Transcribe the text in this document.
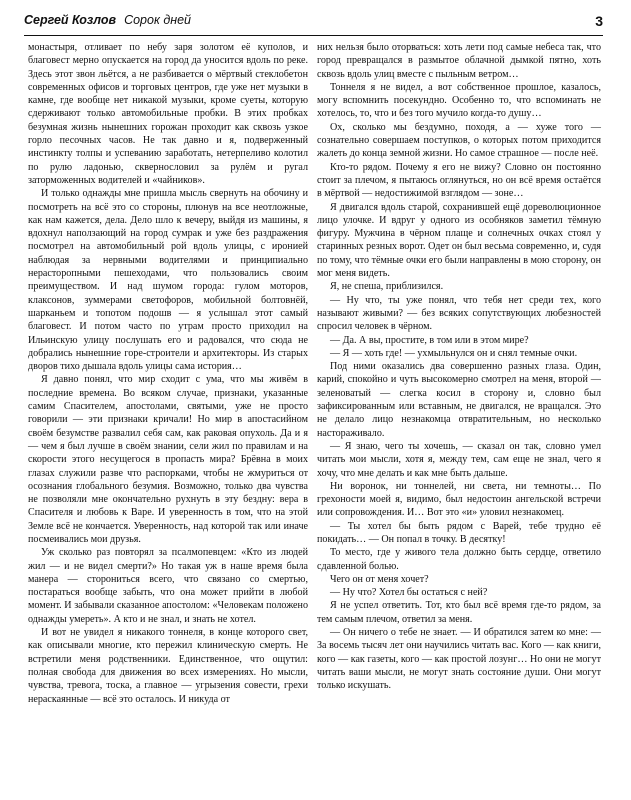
Сергей Козлов Сорок дней	3

монастыря, отливает по небу заря золотом её куполов, и благовест мерно опускается на город да уносится вдоль по реке. Здесь этот звон льётся, а не разбивается о мёртвый стеклобетон современных офисов и торговых центров, где уже нет музыки в камне, где вообще нет никакой музыки, кроме суеты, которую сдерживают только автомобильные пробки. В этих пробках безумная жизнь нынешних горожан проходит как сквозь узкое горло песочных часов. Не так давно и я, подверженный инстинкту толпы и успеванию заработать, нетерпеливо колотил по рулю ладонью, сквернословил за рулём и ругал заторможенных водителей и «чайников».

И только однажды мне пришла мысль свернуть на обочину и посмотреть на всё это со стороны, плюнув на все неотложные, как нам кажется, дела. Дело шло к вечеру, выйдя из машины, я вдохнул наползающий на город сумрак и уже без раздражения посмотрел на автомобильный рой вдоль улицы, с иронией наблюдая за нервными водителями и принципиально нерасторопными пешеходами, что пользовались своим преимуществом. И над шумом города: гулом моторов, клаксонов, зуммерами светофоров, мобильной болтовнёй, шарканьем и топотом подошв — я услышал этот самый благовест. И потом часто по утрам просто приходил на Ильинскую улицу послушать его и радовался, что сюда не добрались нынешние горе-строители и архитекторы. Из старых дворов тихо дышала вдоль улицы сама история…

Я давно понял, что мир сходит с ума, что мы живём в последние времена. Во всяком случае, признаки, указанные самим Спасителем, апостолами, святыми, уже не просто говорили — эти признаки кричали! Но мир в апостасийном своём безумстве развалил себя сам, как раковая опухоль. Да и я — чем я был лучше в своём знании, сели жил по правилам и на скорости этого несущегося в пропасть мира? Брёвна в моих глазах служили разве что распорками, чтобы не жмуриться от осознания глобального безумия. Возможно, только два чувства не позволяли мне окончательно рухнуть в эту бездну: вера в Спасителя и любовь к Варе. И уверенность в том, что на этой Земле всё не кончается. Уверенность, над которой так или иначе посмеивались мои друзья.

Уж сколько раз повторял за псалмопевцем: «Кто из людей жил — и не видел смерти?» Но такая уж в наше время была манера — сторониться всего, что связано со смертью, постараться вообще забыть, что она может прийти в любой момент. И забывали сказанное апостолом: «Человекам положено однажды умереть». А кто и не знал, и знать не хотел.

И вот не увидел я никакого тоннеля, в конце которого свет, как описывали многие, кто пережил клиническую смерть. Не встретили меня родственники. Единственное, что ощутил: полная свобода для движения во всех измерениях. Но мысли, чувства, тревога, тоска, а главное — угрызения совести, грехи нераскаянные — всё это осталось. И никуда от

них нельзя было оторваться: хоть лети под самые небеса так, что город превращался в размытое облачной дымкой пятно, хоть сквозь вдоль улиц вместе с пыльным ветром…

Тоннеля я не видел, а вот собственное прошлое, казалось, могу вспомнить посекундно. Особенно то, что вспоминать не хотелось, то, что и без того мучило когда-то душу…

Ох, сколько мы бездумно, походя, а — хуже того — сознательно совершаем поступков, о которых потом приходится жалеть до конца земной жизни. Но самое страшное — после неё.

Кто-то рядом. Почему я его не вижу? Словно он постоянно стоит за плечом, я пытаюсь оглянуться, но он всё время остаётся в мёртвой — недостижимой взглядом — зоне…

Я двигался вдоль старой, сохранившей ещё дореволюционное лицо улочке. И вдруг у одного из особняков заметил тёмную фигуру. Мужчина в чёрном плаще и солнечных очках стоял у старинных резных ворот. Одет он был весьма современно, и, судя по тому, что тёмные очки его были направлены в мою сторону, он мог меня видеть.

Я, не спеша, приблизился.

— Ну что, ты уже понял, что тебя нет среди тех, кого называют живыми? — без всяких сопутствующих любезностей спросил человек в чёрном.

— Да. А вы, простите, в том или в этом мире?

— Я — хоть где! — ухмыльнулся он и снял темные очки.

Под ними оказались два совершенно разных глаза. Один, карий, спокойно и чуть высокомерно смотрел на меня, второй — зеленоватый — слегка косил в сторону и, словно был зафиксированным или вставным, не двигался, не вращался. Это не делало лицо незнакомца отвратительным, но несколько настораживало.

— Я знаю, чего ты хочешь, — сказал он так, словно умел читать мои мысли, хотя я, между тем, сам еще не знал, чего я хочу, что мне делать и как мне быть дальше.

Ни воронок, ни тоннелей, ни света, ни темноты… По грехоности моей я, видимо, был недостоин ангельской встречи или сопровождения. И… Вот это «и» уловил незнакомец.

— Ты хотел бы быть рядом с Варей, тебе трудно её покидать… — Он попал в точку. В десятку!

То место, где у живого тела должно быть сердце, ответило сдавленной болью.

Чего он от меня хочет?

— Ну что? Хотел бы остаться с ней?

Я не успел ответить. Тот, кто был всё время где-то рядом, за тем самым плечом, ответил за меня.

— Он ничего о тебе не знает. — И обратился затем ко мне: — За восемь тысяч лет они научились читать вас. Кого — как книги, кого — как газеты, кого — как простой лозунг… Но они не могут читать ваши мысли, не могут знать состояние души. Они могут только искушать.
